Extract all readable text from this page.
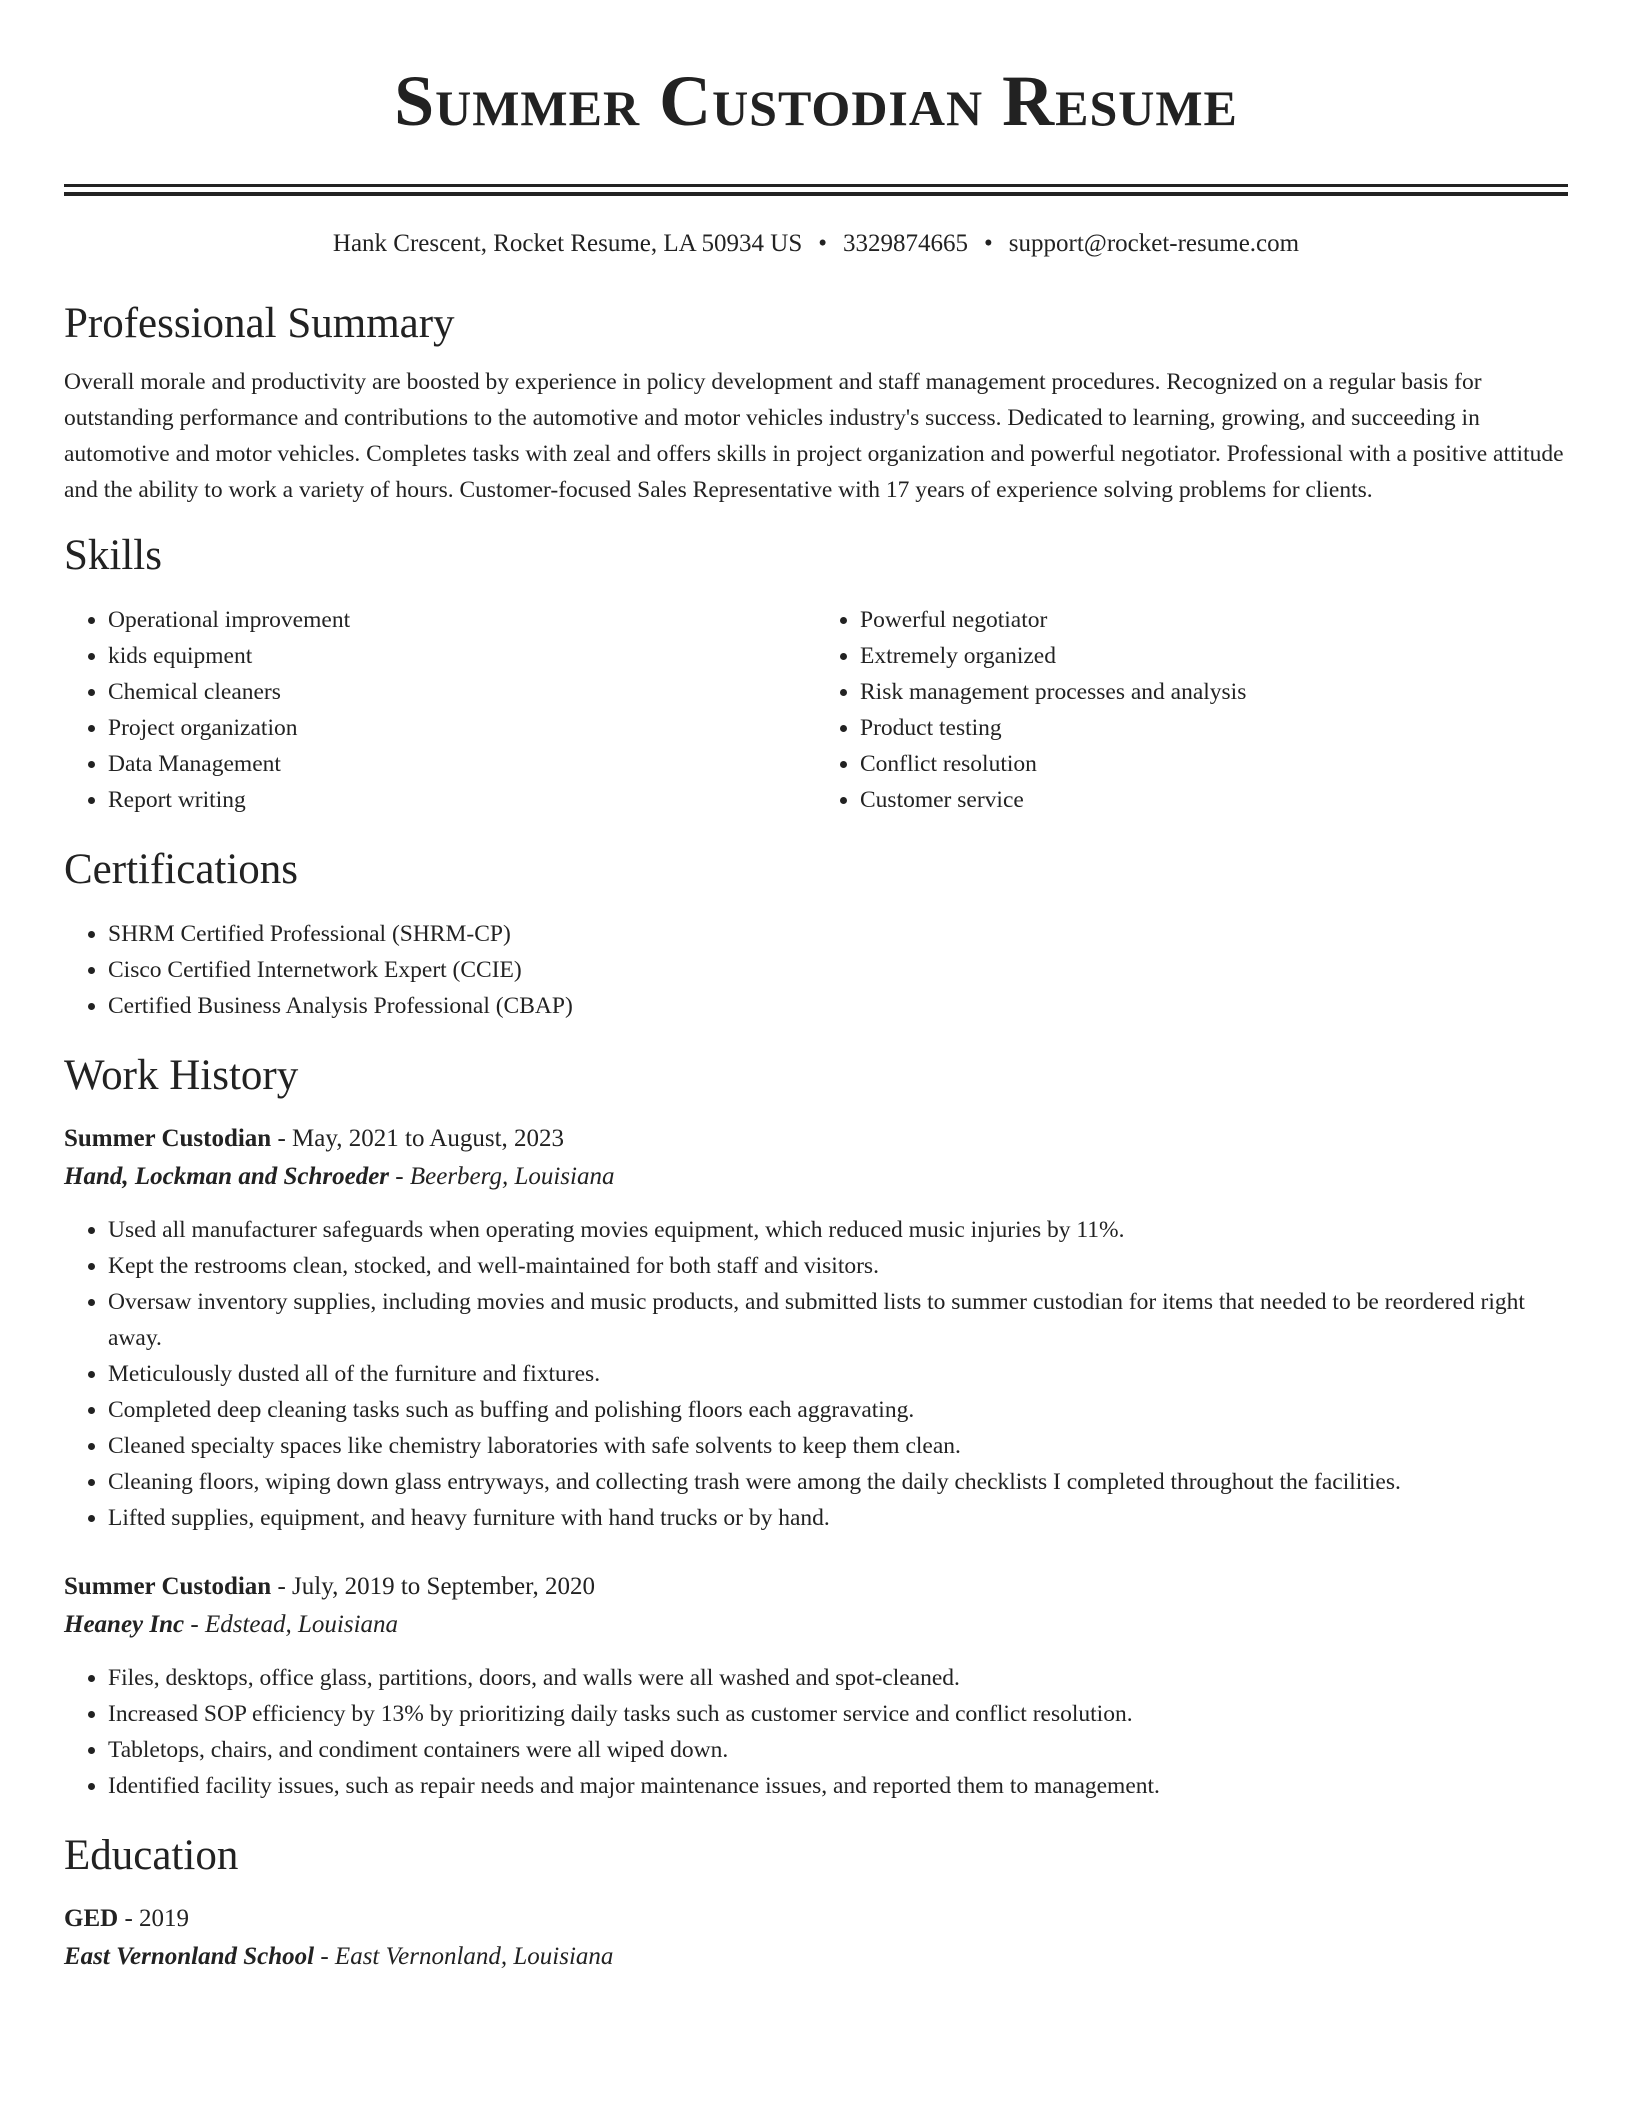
Summer Custodian Resume
Hank Crescent, Rocket Resume, LA 50934 US • 3329874665 • support@rocket-resume.com
Professional Summary
Overall morale and productivity are boosted by experience in policy development and staff management procedures. Recognized on a regular basis for outstanding performance and contributions to the automotive and motor vehicles industry's success. Dedicated to learning, growing, and succeeding in automotive and motor vehicles. Completes tasks with zeal and offers skills in project organization and powerful negotiator. Professional with a positive attitude and the ability to work a variety of hours. Customer-focused Sales Representative with 17 years of experience solving problems for clients.
Skills
• Operational improvement
• kids equipment
• Chemical cleaners
• Project organization
• Data Management
• Report writing
• Powerful negotiator
• Extremely organized
• Risk management processes and analysis
• Product testing
• Conflict resolution
• Customer service
Certifications
• SHRM Certified Professional (SHRM-CP)
• Cisco Certified Internetwork Expert (CCIE)
• Certified Business Analysis Professional (CBAP)
Work History
Summer Custodian - May, 2021 to August, 2023
Hand, Lockman and Schroeder - Beerberg, Louisiana
• Used all manufacturer safeguards when operating movies equipment, which reduced music injuries by 11%.
• Kept the restrooms clean, stocked, and well-maintained for both staff and visitors.
• Oversaw inventory supplies, including movies and music products, and submitted lists to summer custodian for items that needed to be reordered right away.
• Meticulously dusted all of the furniture and fixtures.
• Completed deep cleaning tasks such as buffing and polishing floors each aggravating.
• Cleaned specialty spaces like chemistry laboratories with safe solvents to keep them clean.
• Cleaning floors, wiping down glass entryways, and collecting trash were among the daily checklists I completed throughout the facilities.
• Lifted supplies, equipment, and heavy furniture with hand trucks or by hand.
Summer Custodian - July, 2019 to September, 2020
Heaney Inc - Edstead, Louisiana
• Files, desktops, office glass, partitions, doors, and walls were all washed and spot-cleaned.
• Increased SOP efficiency by 13% by prioritizing daily tasks such as customer service and conflict resolution.
• Tabletops, chairs, and condiment containers were all wiped down.
• Identified facility issues, such as repair needs and major maintenance issues, and reported them to management.
Education
GED - 2019
East Vernonland School - East Vernonland, Louisiana
